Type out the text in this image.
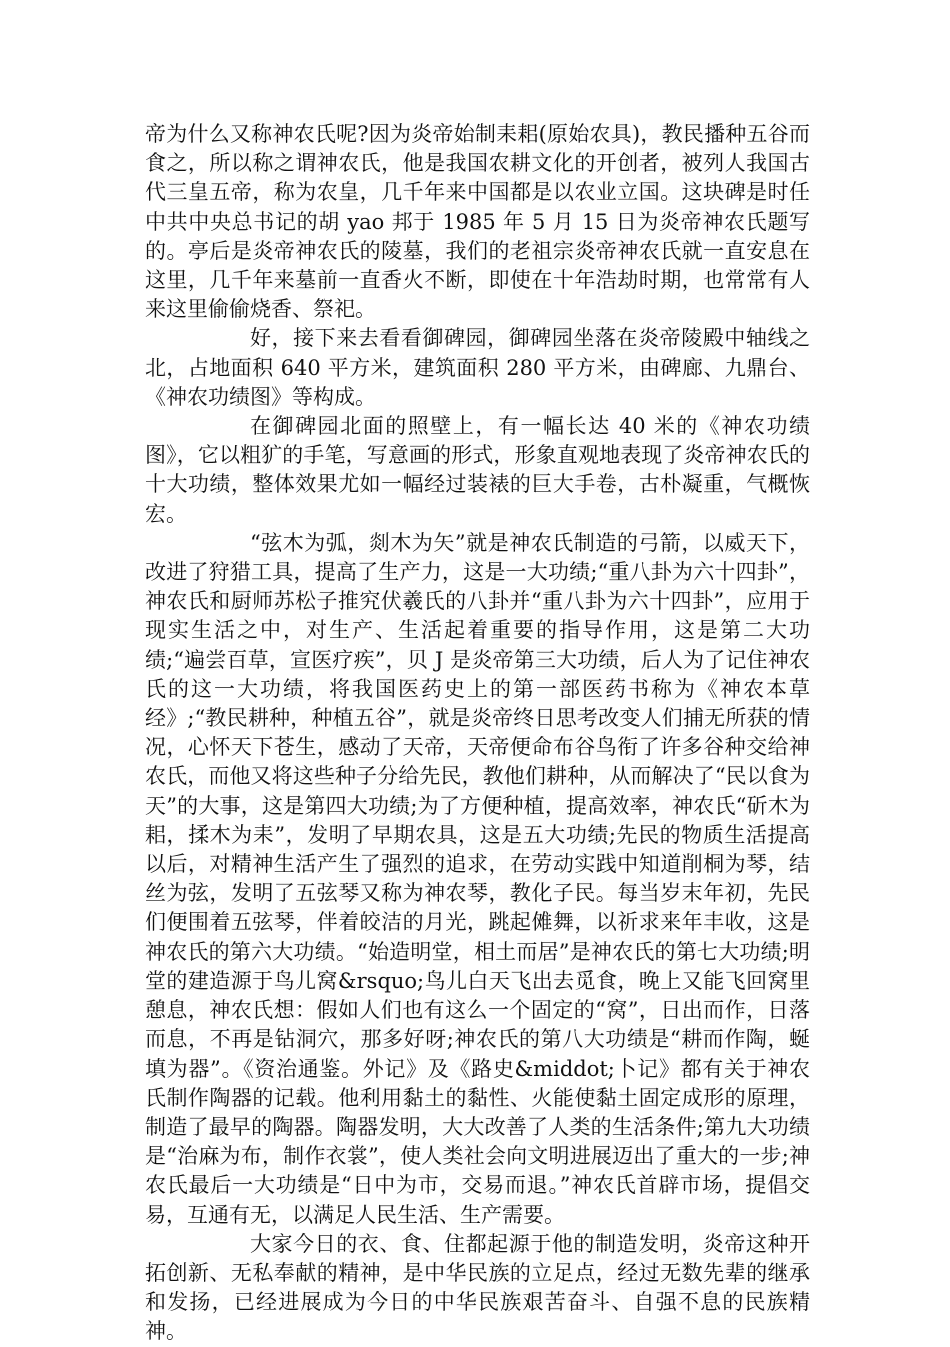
帝为什么又称神农氏呢?因为炎帝始制耒耜(原始农具)，教民播种五谷而食之，所以称之谓神农氏，他是我国农耕文化的开创者，被列人我国古代三皇五帝，称为农皇，几千年来中国都是以农业立国。这块碑是时任中共中央总书记的胡 yao 邦于 1985 年 5 月 15 日为炎帝神农氏题写的。亭后是炎帝神农氏的陵墓，我们的老祖宗炎帝神农氏就一直安息在这里，几千年来墓前一直香火不断，即使在十年浩劫时期，也常常有人来这里偷偷烧香、祭祀。

好，接下来去看看御碑园，御碑园坐落在炎帝陵殿中轴线之北，占地面积 640 平方米，建筑面积 280 平方米，由碑廊、九鼎台、《神农功绩图》等构成。

在御碑园北面的照壁上，有一幅长达 40 米的《神农功绩图》，它以粗犷的手笔，写意画的形式，形象直观地表现了炎帝神农氏的十大功绩，整体效果尤如一幅经过装裱的巨大手卷，古朴凝重，气概恢宏。

“弦木为弧，剡木为矢”就是神农氏制造的弓箭，以威天下，改进了狩猎工具，提高了生产力，这是一大功绩;“重八卦为六十四卦”，神农氏和厨师苏松子推究伏羲氏的八卦并“重八卦为六十四卦”，应用于现实生活之中，对生产、生活起着重要的指导作用，这是第二大功绩;“遍尝百草，宣医疗疾”，贝 J 是炎帝第三大功绩，后人为了记住神农氏的这一大功绩，将我国医药史上的第一部医药书称为《神农本草经》;“教民耕种，种植五谷”，就是炎帝终日思考改变人们捕无所获的情况，心怀天下苍生，感动了天帝，天帝便命布谷鸟衔了许多谷种交给神农氏，而他又将这些种子分给先民，教他们耕种，从而解决了“民以食为天”的大事，这是第四大功绩;为了方便种植，提高效率，神农氏“斫木为耜，揉木为耒”，发明了早期农具，这是五大功绩;先民的物质生活提高以后，对精神生活产生了强烈的追求，在劳动实践中知道削桐为琴，结丝为弦，发明了五弦琴又称为神农琴，教化子民。每当岁末年初，先民们便围着五弦琴，伴着皎洁的月光，跳起傩舞，以祈求来年丰收，这是神农氏的第六大功绩。“始造明堂，相土而居”是神农氏的第七大功绩;明堂的建造源于鸟儿窝&rsquo;鸟儿白天飞出去觅食，晚上又能飞回窝里憩息，神农氏想：假如人们也有这么一个固定的“窝”，日出而作，日落而息，不再是钻洞穴，那多好呀;神农氏的第八大功绩是“耕而作陶，蜒填为器”。《资治通鉴。外记》及《路史&middot;卜记》都有关于神农氏制作陶器的记载。他利用黏土的黏性、火能使黏土固定成形的原理，制造了最早的陶器。陶器发明，大大改善了人类的生活条件;第九大功绩是“治麻为布，制作衣裳”，使人类社会向文明进展迈出了重大的一步;神农氏最后一大功绩是“日中为市，交易而退。”神农氏首辟市场，提倡交易，互通有无，以满足人民生活、生产需要。

大家今日的衣、食、住都起源于他的制造发明，炎帝这种开拓创新、无私奉献的精神，是中华民族的立足点，经过无数先辈的继承和发扬，已经进展成为今日的中华民族艰苦奋斗、自强不息的民族精神。
